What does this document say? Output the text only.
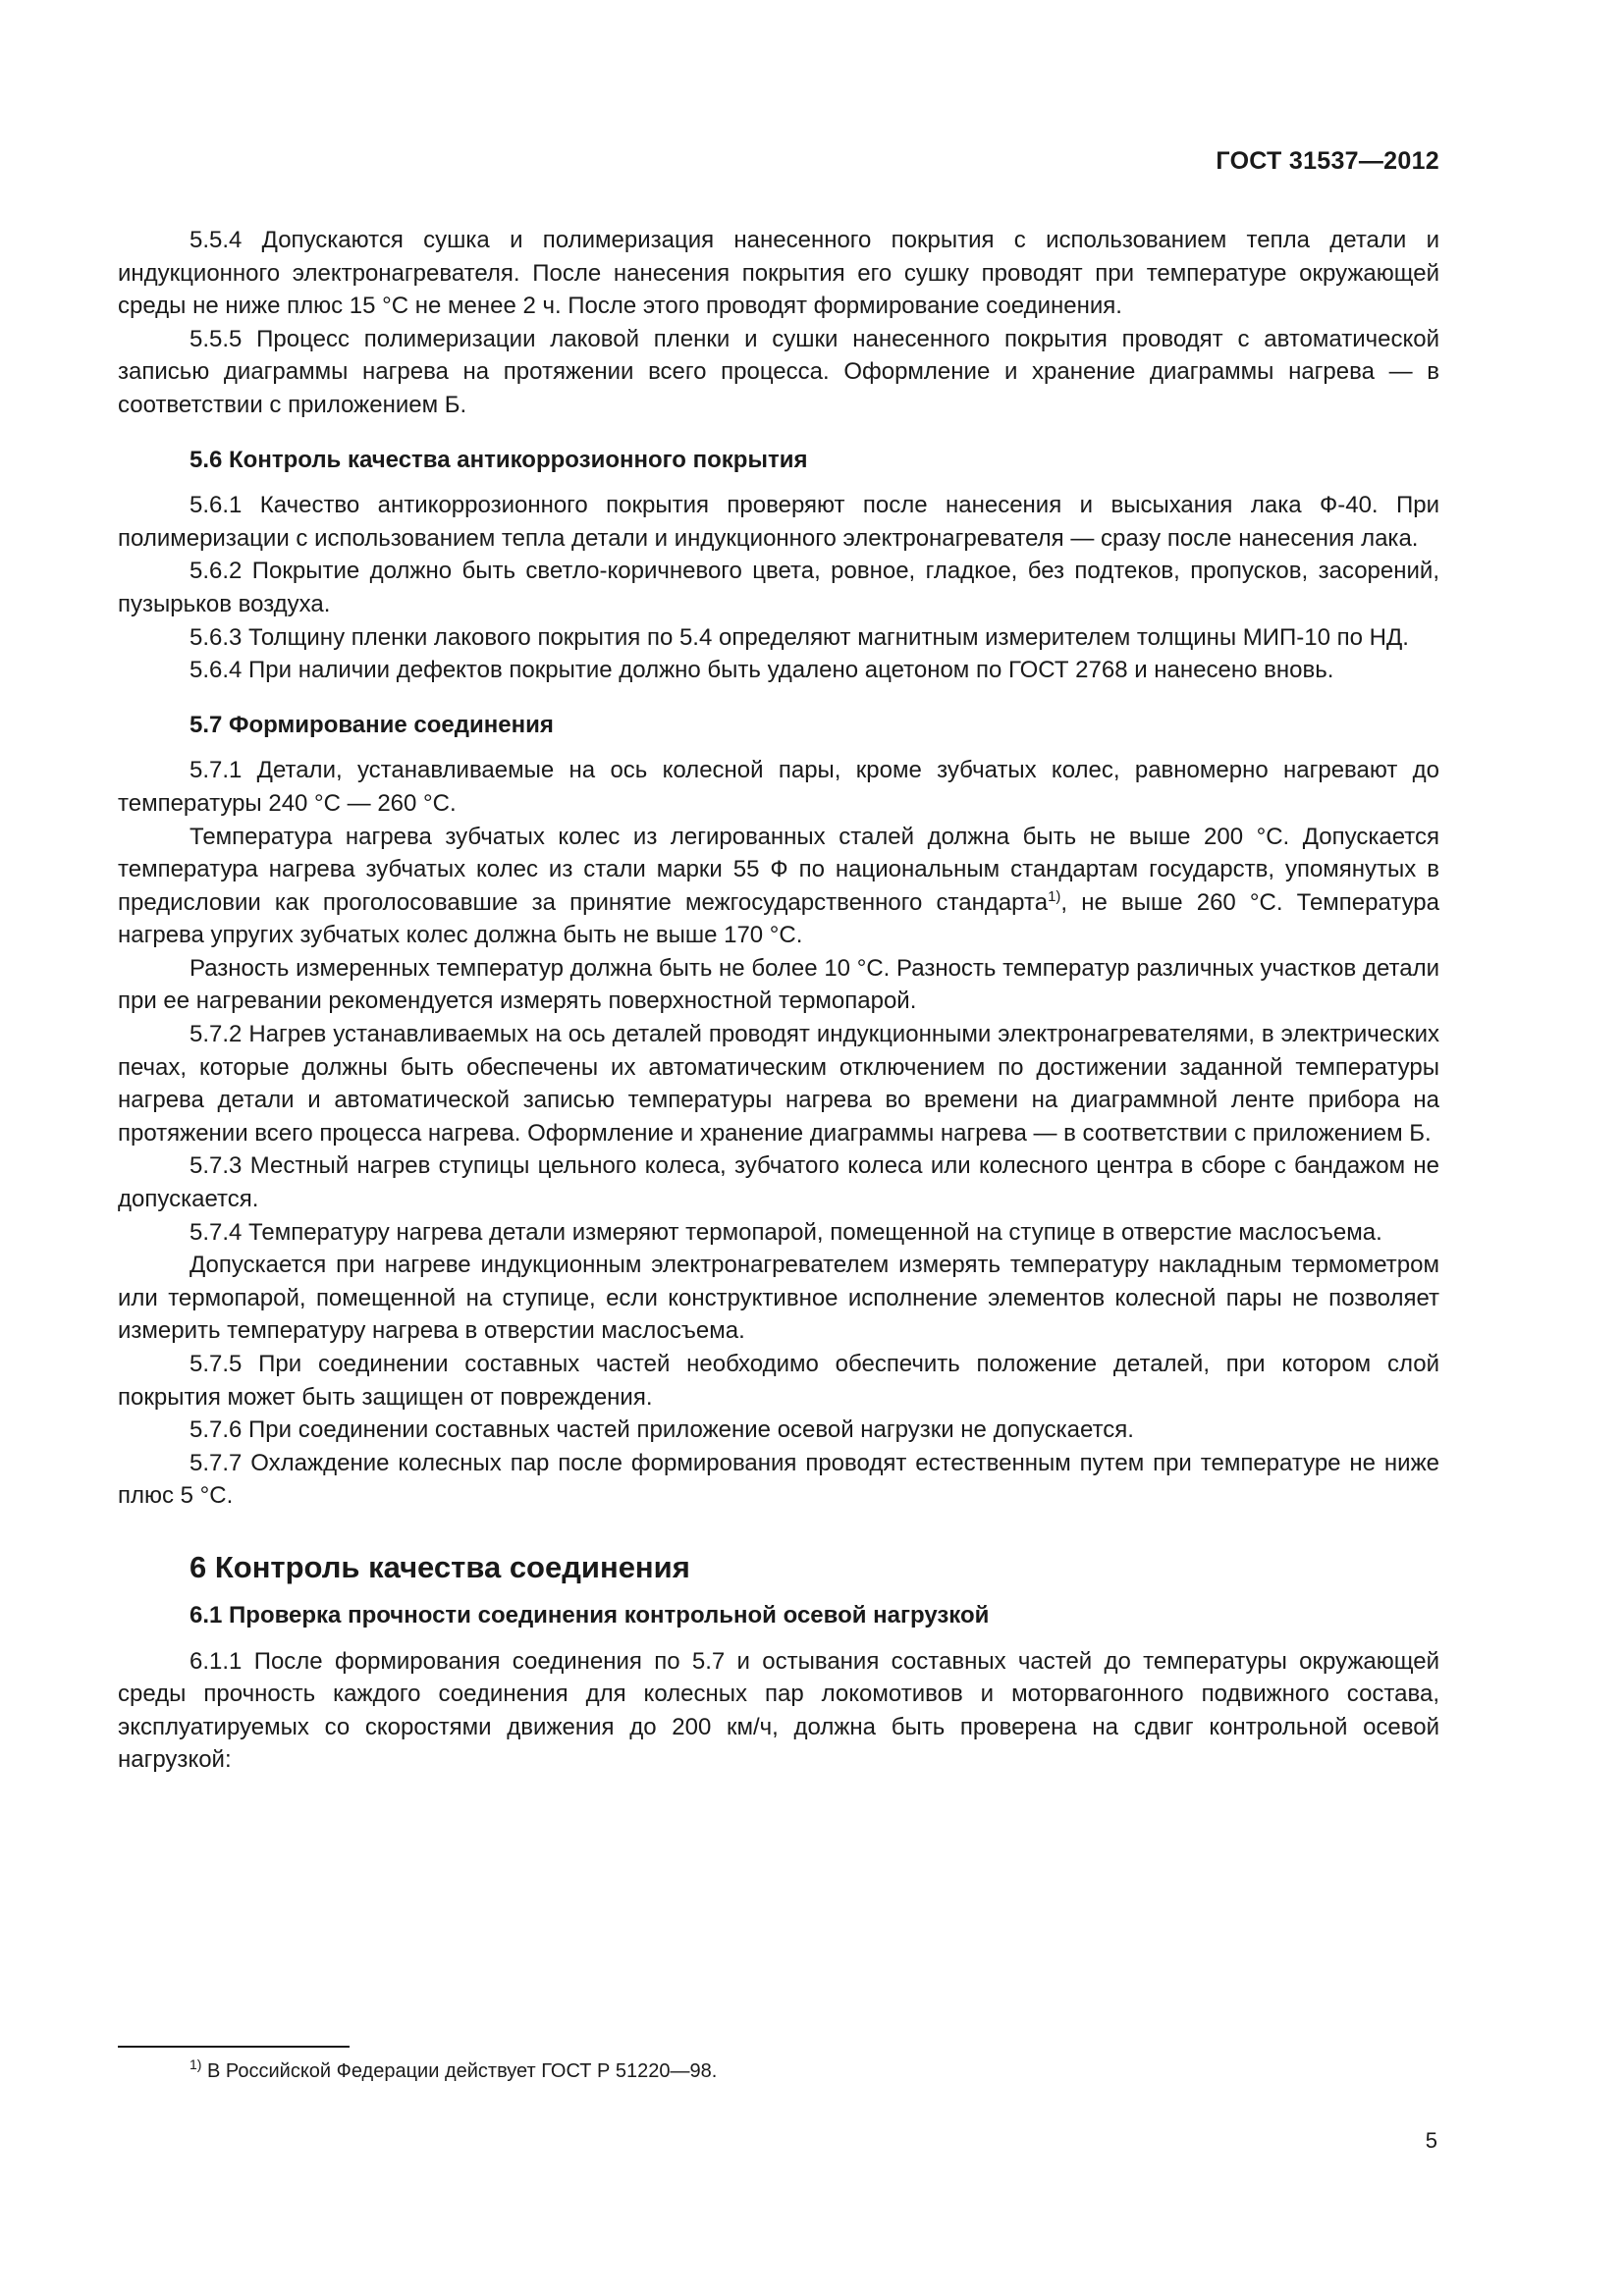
ГОСТ 31537—2012

5.5.4 Допускаются сушка и полимеризация нанесенного покрытия с использованием тепла детали и индукционного электронагревателя. После нанесения покрытия его сушку проводят при температуре окружающей среды не ниже плюс 15 °С не менее 2 ч. После этого проводят формирование соединения.

5.5.5 Процесс полимеризации лаковой пленки и сушки нанесенного покрытия проводят с автоматической записью диаграммы нагрева на протяжении всего процесса. Оформление и хранение диаграммы нагрева — в соответствии с приложением Б.

5.6 Контроль качества антикоррозионного покрытия

5.6.1 Качество антикоррозионного покрытия проверяют после нанесения и высыхания лака Ф-40. При полимеризации с использованием тепла детали и индукционного электронагревателя — сразу после нанесения лака.

5.6.2 Покрытие должно быть светло-коричневого цвета, ровное, гладкое, без подтеков, пропусков, засорений, пузырьков воздуха.

5.6.3 Толщину пленки лакового покрытия по 5.4 определяют магнитным измерителем толщины МИП-10 по НД.

5.6.4 При наличии дефектов покрытие должно быть удалено ацетоном по ГОСТ 2768 и нанесено вновь.

5.7 Формирование соединения

5.7.1 Детали, устанавливаемые на ось колесной пары, кроме зубчатых колес, равномерно нагревают до температуры 240 °С — 260 °С.

Температура нагрева зубчатых колес из легированных сталей должна быть не выше 200 °С. Допускается температура нагрева зубчатых колес из стали марки 55 Ф по национальным стандартам государств, упомянутых в предисловии как проголосовавшие за принятие межгосударственного стандарта$^{1)}$, не выше 260 °С. Температура нагрева упругих зубчатых колес должна быть не выше 170 °С.

Разность измеренных температур должна быть не более 10 °С. Разность температур различных участков детали при ее нагревании рекомендуется измерять поверхностной термопарой.

5.7.2 Нагрев устанавливаемых на ось деталей проводят индукционными электронагревателями, в электрических печах, которые должны быть обеспечены их автоматическим отключением по достижении заданной температуры нагрева детали и автоматической записью температуры нагрева во времени на диаграммной ленте прибора на протяжении всего процесса нагрева. Оформление и хранение диаграммы нагрева — в соответствии с приложением Б.

5.7.3 Местный нагрев ступицы цельного колеса, зубчатого колеса или колесного центра в сборе с бандажом не допускается.

5.7.4 Температуру нагрева детали измеряют термопарой, помещенной на ступице в отверстие маслосъема.

Допускается при нагреве индукционным электронагревателем измерять температуру накладным термометром или термопарой, помещенной на ступице, если конструктивное исполнение элементов колесной пары не позволяет измерить температуру нагрева в отверстии маслосъема.

5.7.5 При соединении составных частей необходимо обеспечить положение деталей, при котором слой покрытия может быть защищен от повреждения.

5.7.6 При соединении составных частей приложение осевой нагрузки не допускается.

5.7.7 Охлаждение колесных пар после формирования проводят естественным путем при температуре не ниже плюс 5 °С.

6 Контроль качества соединения
6.1 Проверка прочности соединения контрольной осевой нагрузкой

6.1.1 После формирования соединения по 5.7 и остывания составных частей до температуры окружающей среды прочность каждого соединения для колесных пар локомотивов и моторвагонного подвижного состава, эксплуатируемых со скоростями движения до 200 км/ч, должна быть проверена на сдвиг контрольной осевой нагрузкой:

$^{1)}$ В Российской Федерации действует ГОСТ Р 51220—98.
5
